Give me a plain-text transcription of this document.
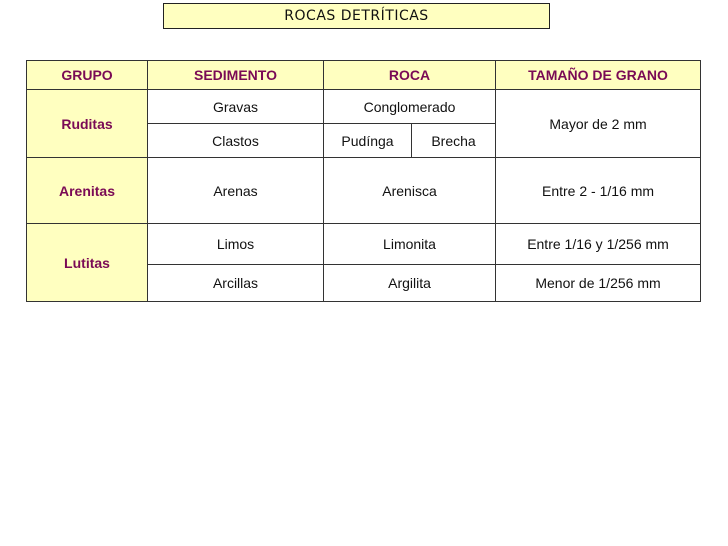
ROCAS DETRÍTICAS
GRUPO	SEDIMENTO	ROCA		TAMAÑO DE GRANO
Ruditas	Gravas	Conglomerado		Mayor de 2 mm
	Clastos	Pudínga	Brecha	
Arenitas	Arenas	Arenisca		Entre 2 - 1/16 mm
Lutitas	Limos	Limonita		Entre 1/16 y 1/256 mm
	Arcillas	Argilita		Menor de 1/256 mm
